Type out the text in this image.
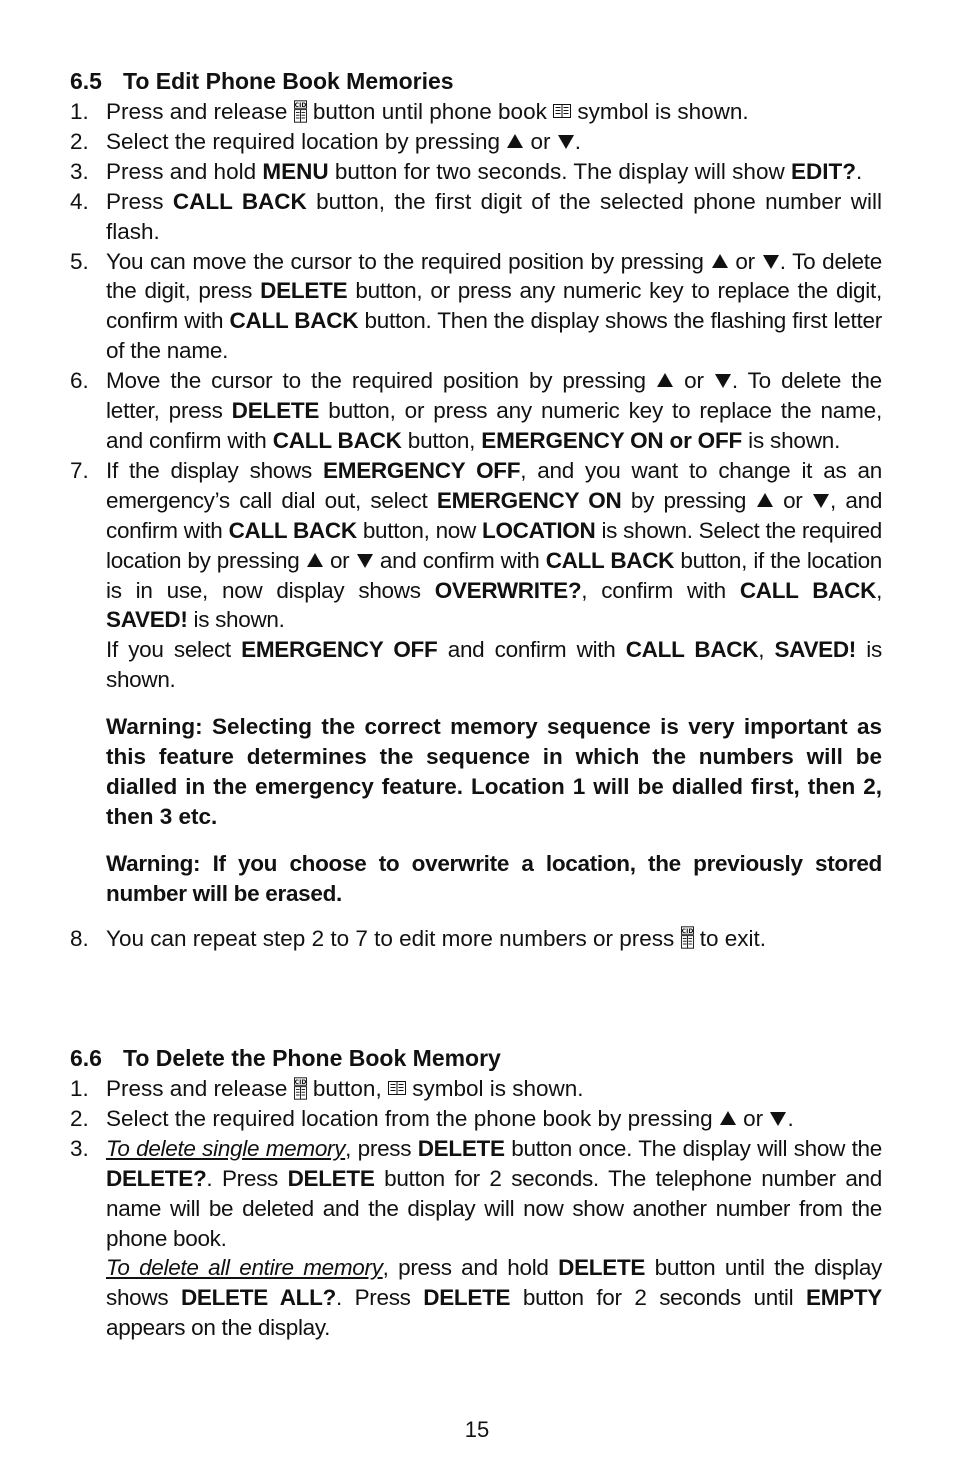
6.5 To Edit Phone Book Memories
1. Press and release button until phone book symbol is shown.

2. Select the required location by pressing or .

3. Press and hold MENU button for two seconds. The display will show EDIT?.

4. Press CALL BACK button, the first digit of the selected phone number will flash.

5. You can move the cursor to the required position by pressing or . To delete the digit, press DELETE button, or press any numeric key to replace the digit, confirm with CALL BACK button. Then the display shows the flashing first letter of the name.

6. Move the cursor to the required position by pressing or . To delete the letter, press DELETE button, or press any numeric key to replace the name, and confirm with CALL BACK button, EMERGENCY ON or OFF is shown.

7. If the display shows EMERGENCY OFF, and you want to change it as an emergency’s call dial out, select EMERGENCY ON by pressing or , and confirm with CALL BACK button, now LOCATION is shown. Select the required location by pressing or and confirm with CALL BACK button, if the location is in use, now display shows OVERWRITE?, confirm with CALL BACK, SAVED! is shown.

If you select EMERGENCY OFF and confirm with CALL BACK, SAVED! is shown.

Warning: Selecting the correct memory sequence is very important as this feature determines the sequence in which the numbers will be dialled in the emergency feature. Location 1 will be dialled first, then 2, then 3 etc.

Warning: If you choose to overwrite a location, the previously stored number will be erased.

8. You can repeat step 2 to 7 to edit more numbers or press to exit.

6.6 To Delete the Phone Book Memory
1. Press and release button, symbol is shown.

2. Select the required location from the phone book by pressing or .

3. To delete single memory, press DELETE button once. The display will show the DELETE?. Press DELETE button for 2 seconds. The telephone number and name will be deleted and the display will now show another number from the phone book.

To delete all entire memory, press and hold DELETE button until the display shows DELETE ALL?. Press DELETE button for 2 seconds until EMPTY appears on the display.

15
